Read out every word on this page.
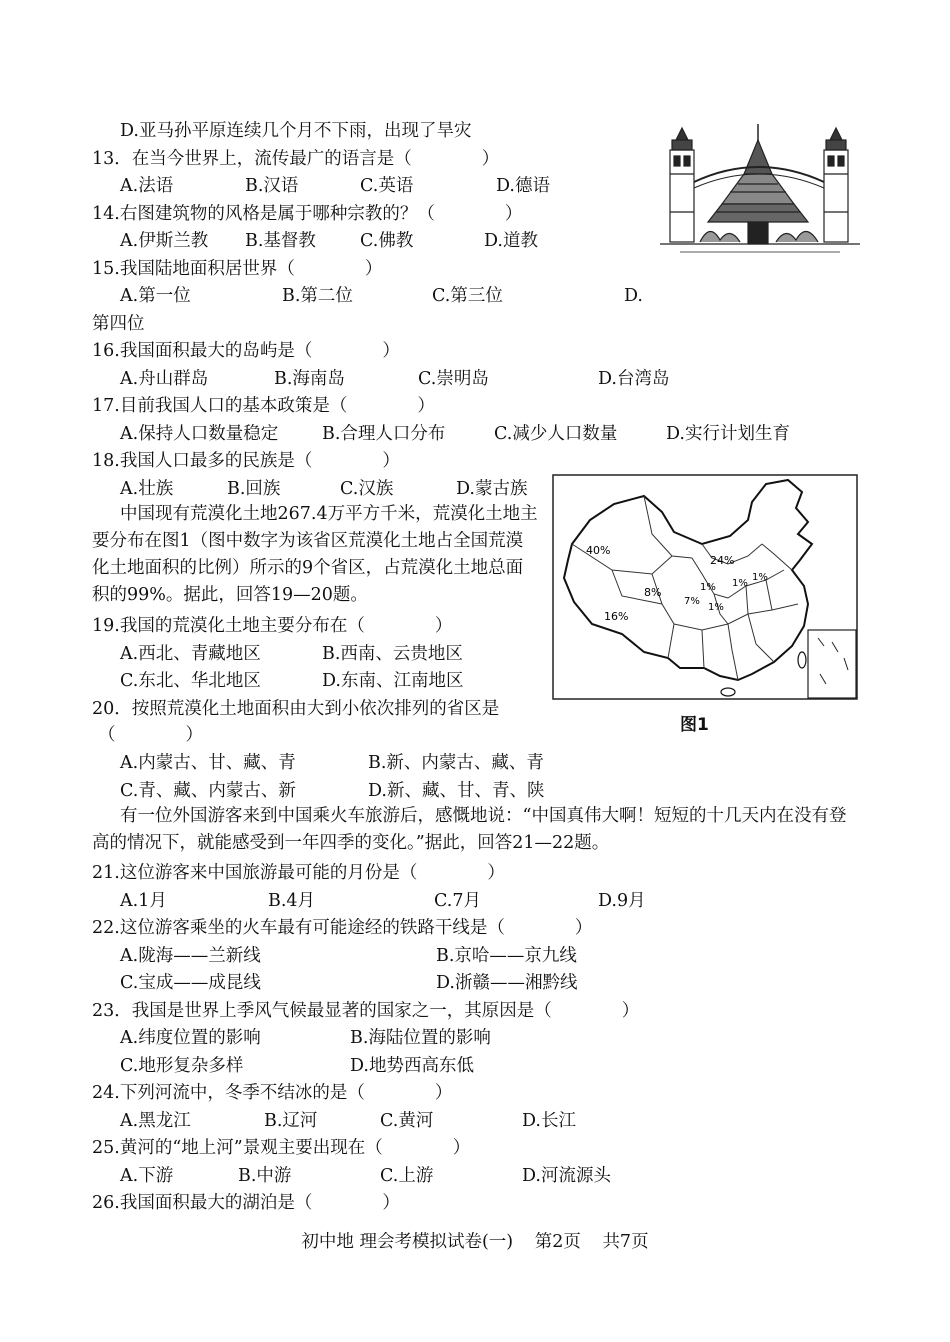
D.亚马孙平原连续几个月不下雨，出现了旱灾
13．在当今世界上，流传最广的语言是（　　　　）
A.法语	B.汉语	C.英语	D.德语
14.右图建筑物的风格是属于哪种宗教的？（　　　　）
A.伊斯兰教 B.基督教	C.佛教	D.道教
15.我国陆地面积居世界（　　　　）
A.第一位	B.第二位	C.第三位	D.
第四位
16.我国面积最大的岛屿是（　　　　）
A.舟山群岛	B.海南岛	C.崇明岛	D.台湾岛
17.目前我国人口的基本政策是（　　　　）
A.保持人口数量稳定	B.合理人口分布	C.减少人口数量	D.实行计划生育
18.我国人口最多的民族是（　　　　）
A.壮族	B.回族	C.汉族	D.蒙古族
中国现有荒漠化土地267.4万平方千米，荒漠化土地主要分布在图1（图中数字为该省区荒漠化土地占全国荒漠化土地面积的比例）所示的9个省区，占荒漠化土地总面积的99%。据此，回答19—20题。
19.我国的荒漠化土地主要分布在（　　　　）
A.西北、青藏地区	B.西南、云贵地区
C.东北、华北地区	D.东南、江南地区
20．按照荒漠化土地面积由大到小依次排列的省区是
（　　　　）
A.内蒙古、甘、藏、青	B.新、内蒙古、藏、青
C.青、藏、内蒙古、新	D.新、藏、甘、青、陕
40%
24%
1%
1%
8%
16%
1%
7%
1%
图1
有一位外国游客来到中国乘火车旅游后，感慨地说：“中国真伟大啊！短短的十几天内在没有登高的情况下，就能感受到一年四季的变化。”据此，回答21—22题。
21.这位游客来中国旅游最可能的月份是（　　　　）
A.1月	B.4月	C.7月	D.9月
22.这位游客乘坐的火车最有可能途经的铁路干线是（　　　　）
A.陇海——兰新线	B.京哈——京九线
C.宝成——成昆线	D.浙赣——湘黔线
23．我国是世界上季风气候最显著的国家之一，其原因是（　　　　）
A.纬度位置的影响	B.海陆位置的影响
C.地形复杂多样	D.地势西高东低
24.下列河流中，冬季不结冰的是（　　　　）
A.黑龙江	B.辽河	C.黄河	D.长江
25.黄河的“地上河”景观主要出现在（　　　　）
A.下游	B.中游	C.上游	D.河流源头
26.我国面积最大的湖泊是（　　　　）
初中地 理会考模拟试卷(一) 第2页 共7页
